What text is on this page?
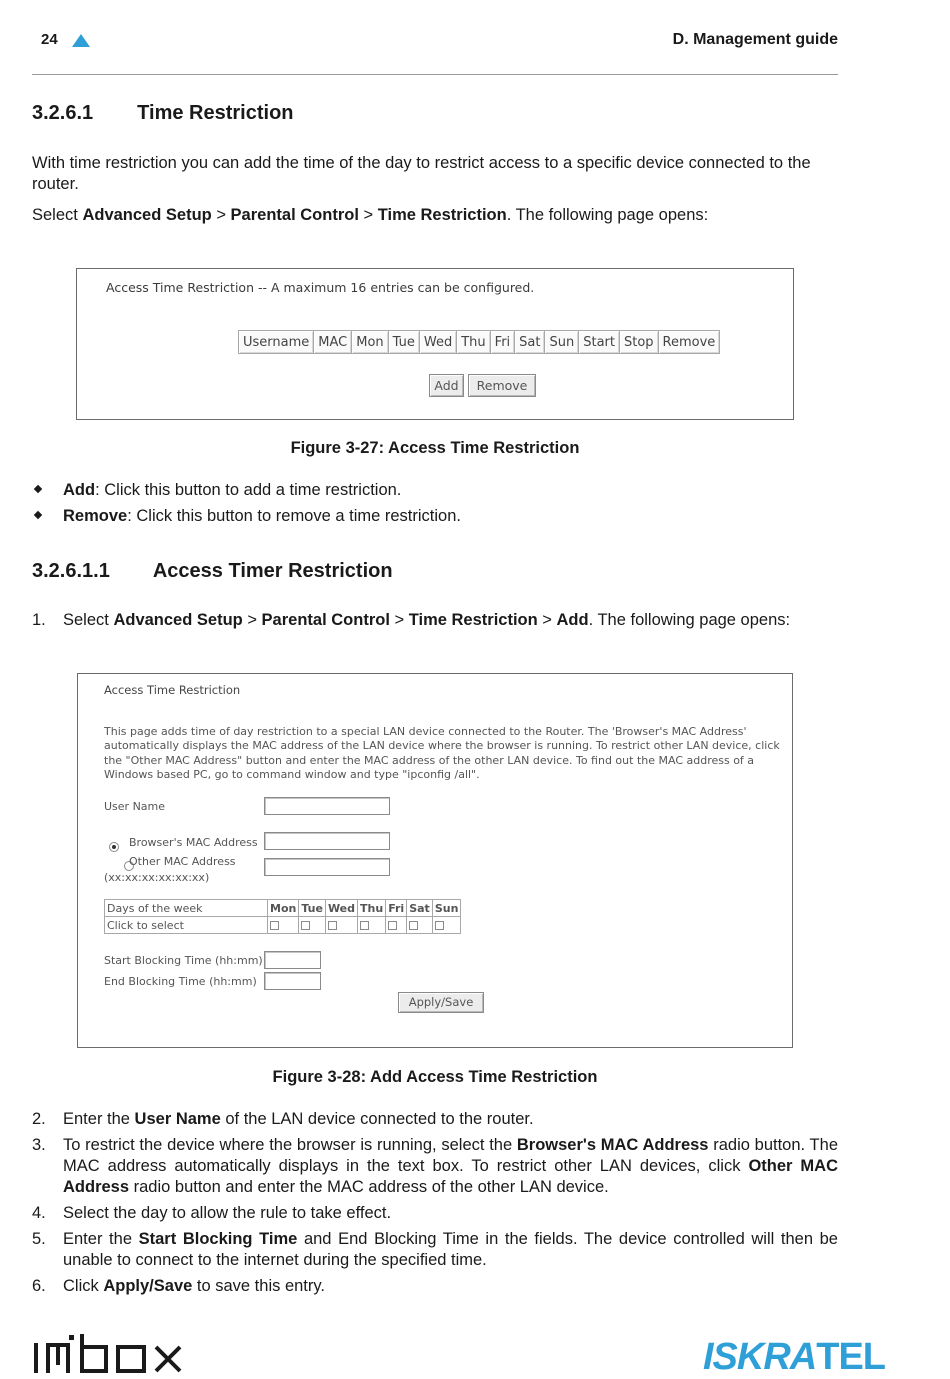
24	D. Management guide
3.2.6.1 Time Restriction

With time restriction you can add the time of the day to restrict access to a specific device connected to the router.

Select Advanced Setup > Parental Control > Time Restriction. The following page opens:

Access Time Restriction -- A maximum 16 entries can be configured.
Username	MAC	Mon	Tue	Wed	Thu	Fri	Sat	Sun	Start	Stop	Remove
Add	Remove
Figure 3-27: Access Time Restriction
Add: Click this button to add a time restriction.
Remove: Click this button to remove a time restriction.
3.2.6.1.1 Access Timer Restriction
1. Select Advanced Setup > Parental Control > Time Restriction > Add. The following page opens:
Access Time Restriction
This page adds time of day restriction to a special LAN device connected to the Router. The 'Browser's MAC Address' automatically displays the MAC address of the LAN device where the browser is running. To restrict other LAN device, click the "Other MAC Address" button and enter the MAC address of the other LAN device. To find out the MAC address of a Windows based PC, go to command window and type "ipconfig /all".
User Name

Browser's MAC Address
Other MAC Address
(xx:xx:xx:xx:xx:xx)
Days of the week	Mon	Tue	Wed	Thu	Fri	Sat	Sun
Click to select							
Start Blocking Time (hh:mm)
End Blocking Time (hh:mm)
Apply/Save
Figure 3-28: Add Access Time Restriction
2. Enter the User Name of the LAN device connected to the router.
3. To restrict the device where the browser is running, select the Browser's MAC Address radio button. The MAC address automatically displays in the text box. To restrict other LAN devices, click Other MAC Address radio button and enter the MAC address of the other LAN device.
4. Select the day to allow the rule to take effect.
5. Enter the Start Blocking Time and End Blocking Time in the fields. The device controlled will then be unable to connect to the internet during the specified time.
6. Click Apply/Save to save this entry.
ISKRATEL
